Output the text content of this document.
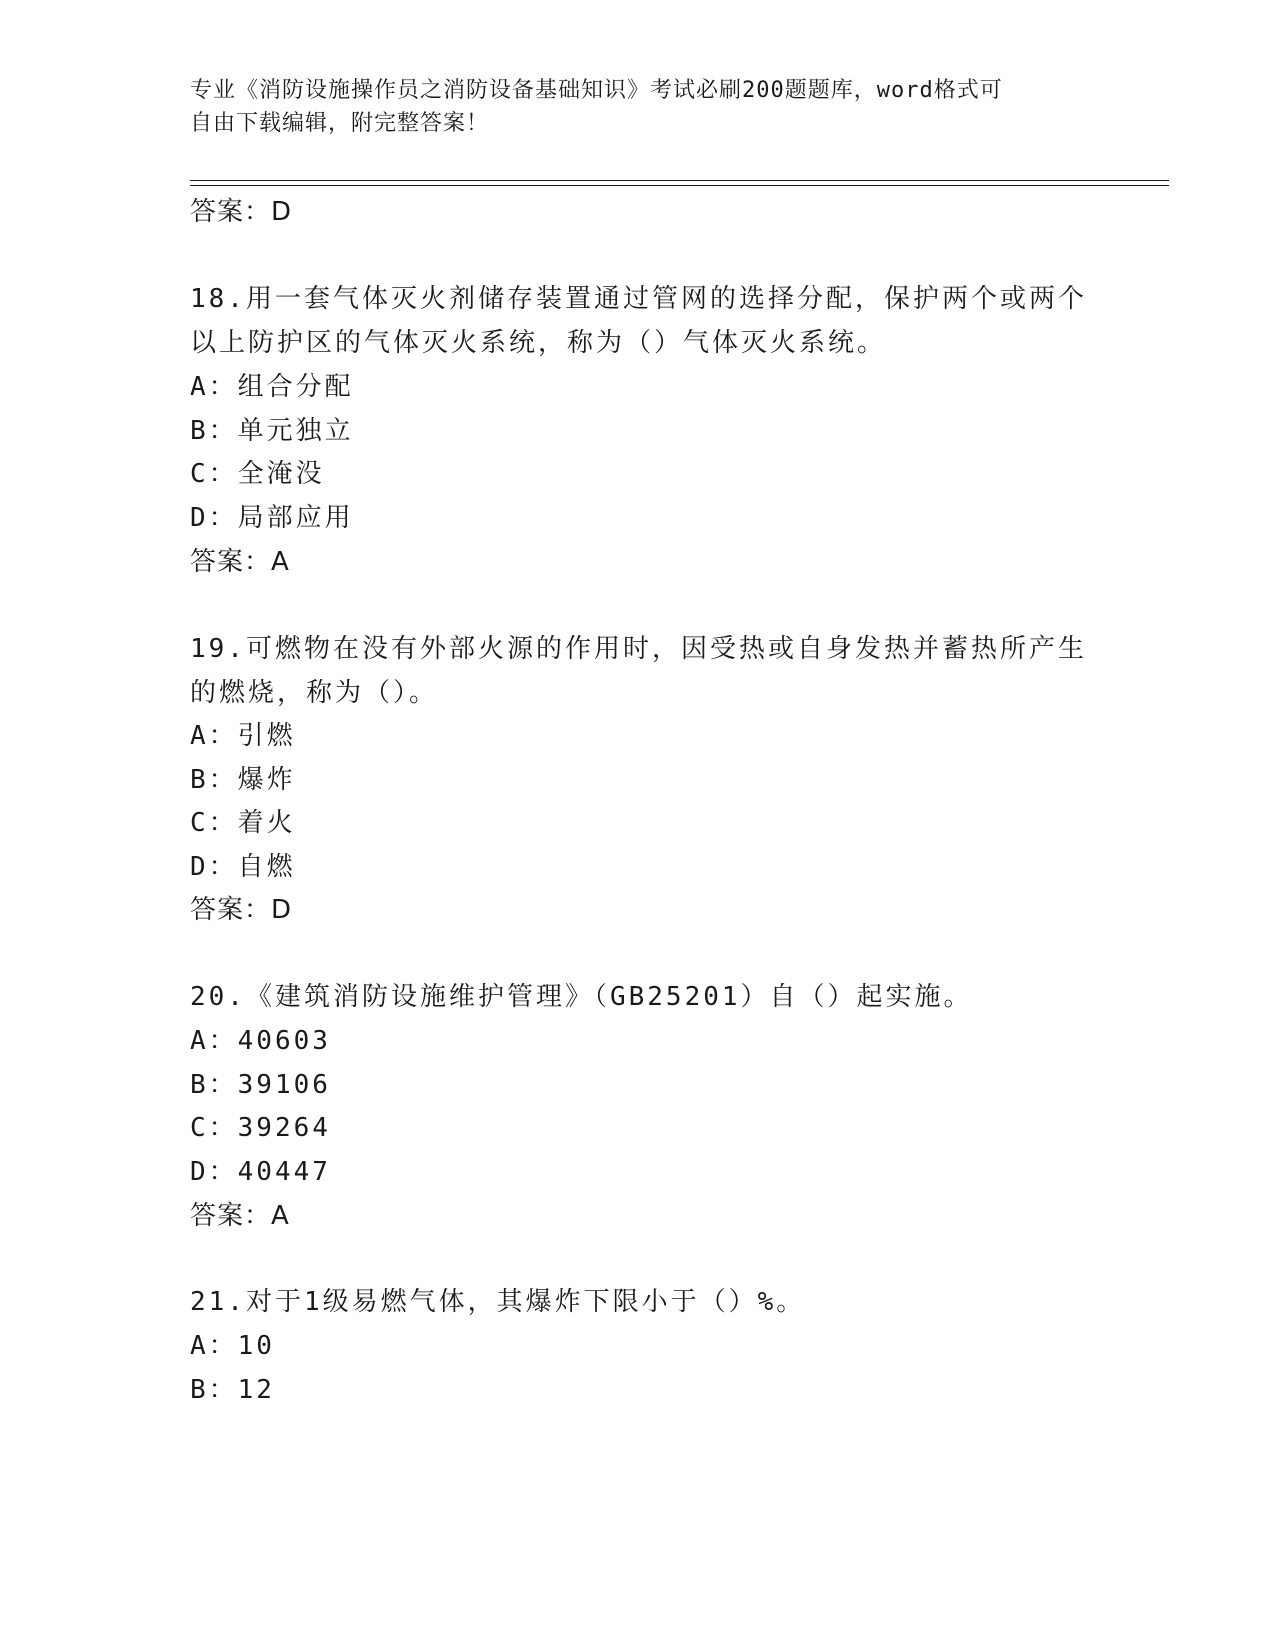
专业《消防设施操作员之消防设备基础知识》考试必刷200题题库，word格式可
自由下载编辑，附完整答案！
答案：D
18.用一套气体灭火剂储存装置通过管网的选择分配，保护两个或两个
以上防护区的气体灭火系统，称为（）气体灭火系统。
A：组合分配
B：单元独立
C：全淹没
D：局部应用
答案：A
19.可燃物在没有外部火源的作用时，因受热或自身发热并蓄热所产生
的燃烧，称为（）。
A：引燃
B：爆炸
C：着火
D：自燃
答案：D
20.《建筑消防设施维护管理》（GB25201）自（）起实施。
A：40603
B：39106
C：39264
D：40447
答案：A
21.对于1级易燃气体，其爆炸下限小于（）%。
A：10
B：12
